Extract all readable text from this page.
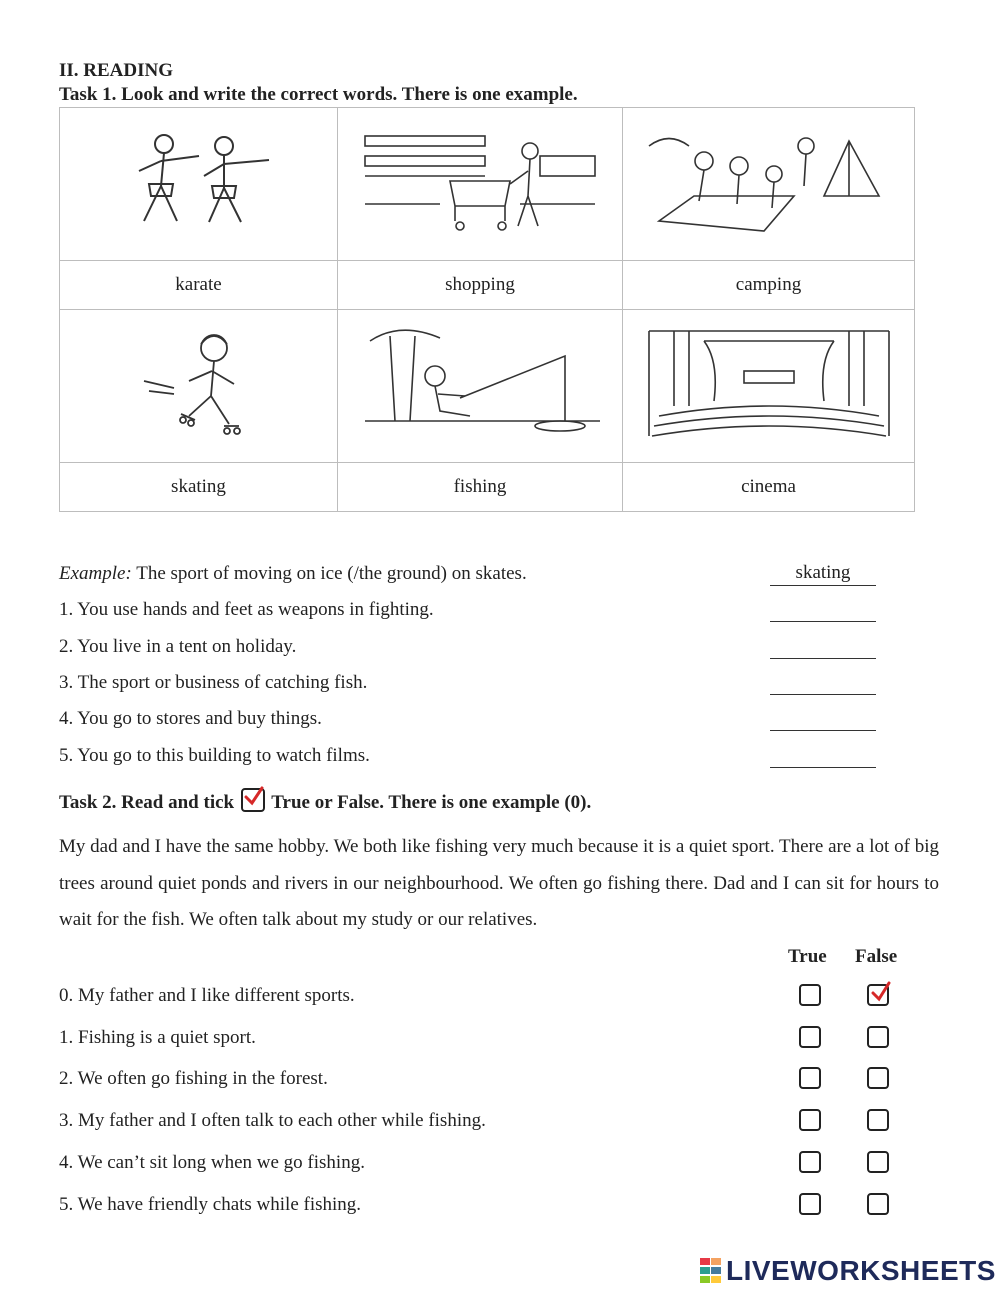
II. READING
Task 1. Look and write the correct words. There is one example.

karate	shopping	camping

skating	fishing	cinema
Example: The sport of moving on ice (/the ground) on skates.	skating
1. You use hands and feet as weapons in fighting.
2. You live in a tent on holiday.
3. The sport or business of catching fish.
4. You go to stores and buy things.
5. You go to this building to watch films.
Task 2. Read and tick True or False. There is one example (0).
My dad and I have the same hobby. We both like fishing very much because it is a quiet sport. There are a lot of big trees around quiet ponds and rivers in our neighbourhood. We often go fishing there. Dad and I can sit for hours to wait for the fish. We often talk about my study or our relatives.
True False
0. My father and I like different sports.
1. Fishing is a quiet sport.
2. We often go fishing in the forest.
3. My father and I often talk to each other while fishing.
4. We can’t sit long when we go fishing.
5. We have friendly chats while fishing.
LIVEWORKSHEETS
